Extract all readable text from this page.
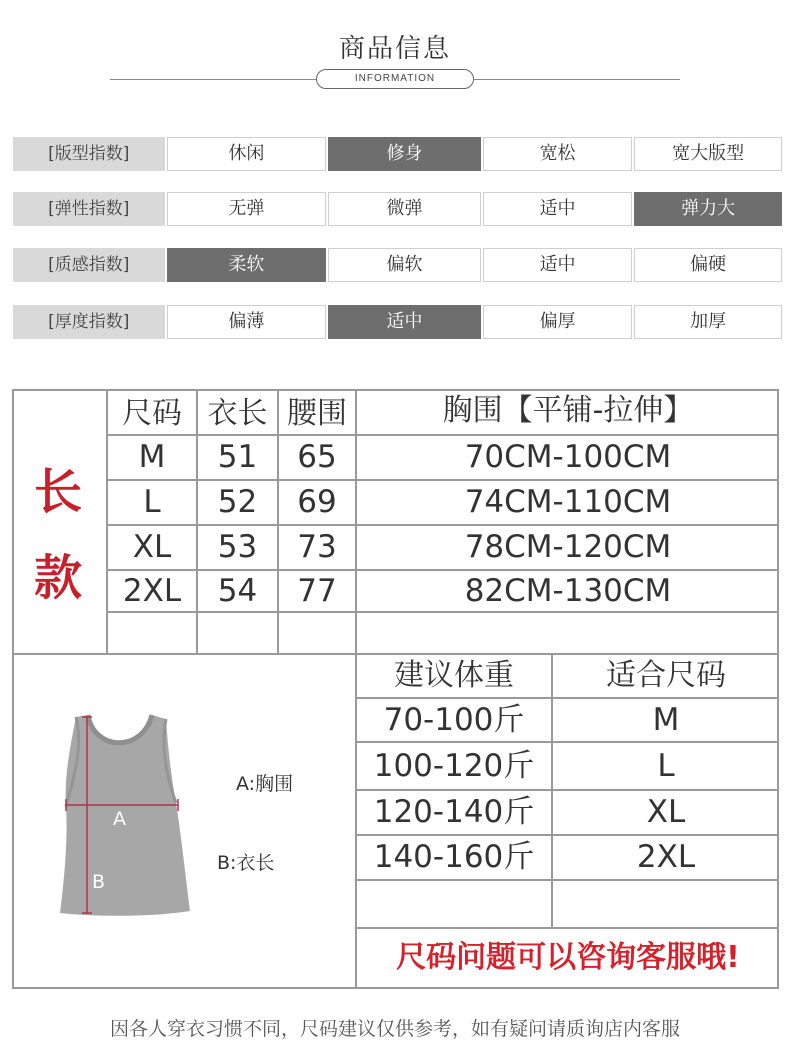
商品信息
INFORMATION
[版型指数]	休闲	修身	宽松	宽大版型
[弹性指数]	无弹	微弹	适中	弹力大
[质感指数]	柔软	偏软	适中	偏硬
[厚度指数]	偏薄	适中	偏厚	加厚
长
款
尺码 衣长 腰围	胸围【平铺-拉伸】
M	51	65	70CM-100CM
L	52	69	74CM-110CM
XL	53	73	78CM-120CM
2XL	54	77	82CM-130CM
建议体重	适合尺码
70-100斤	M
100-120斤	L
120-140斤	XL
140-160斤	2XL
尺码问题可以咨询客服哦!
A
B
A:胸围
B:衣长
因各人穿衣习惯不同，尺码建议仅供参考，如有疑问请质询店内客服
